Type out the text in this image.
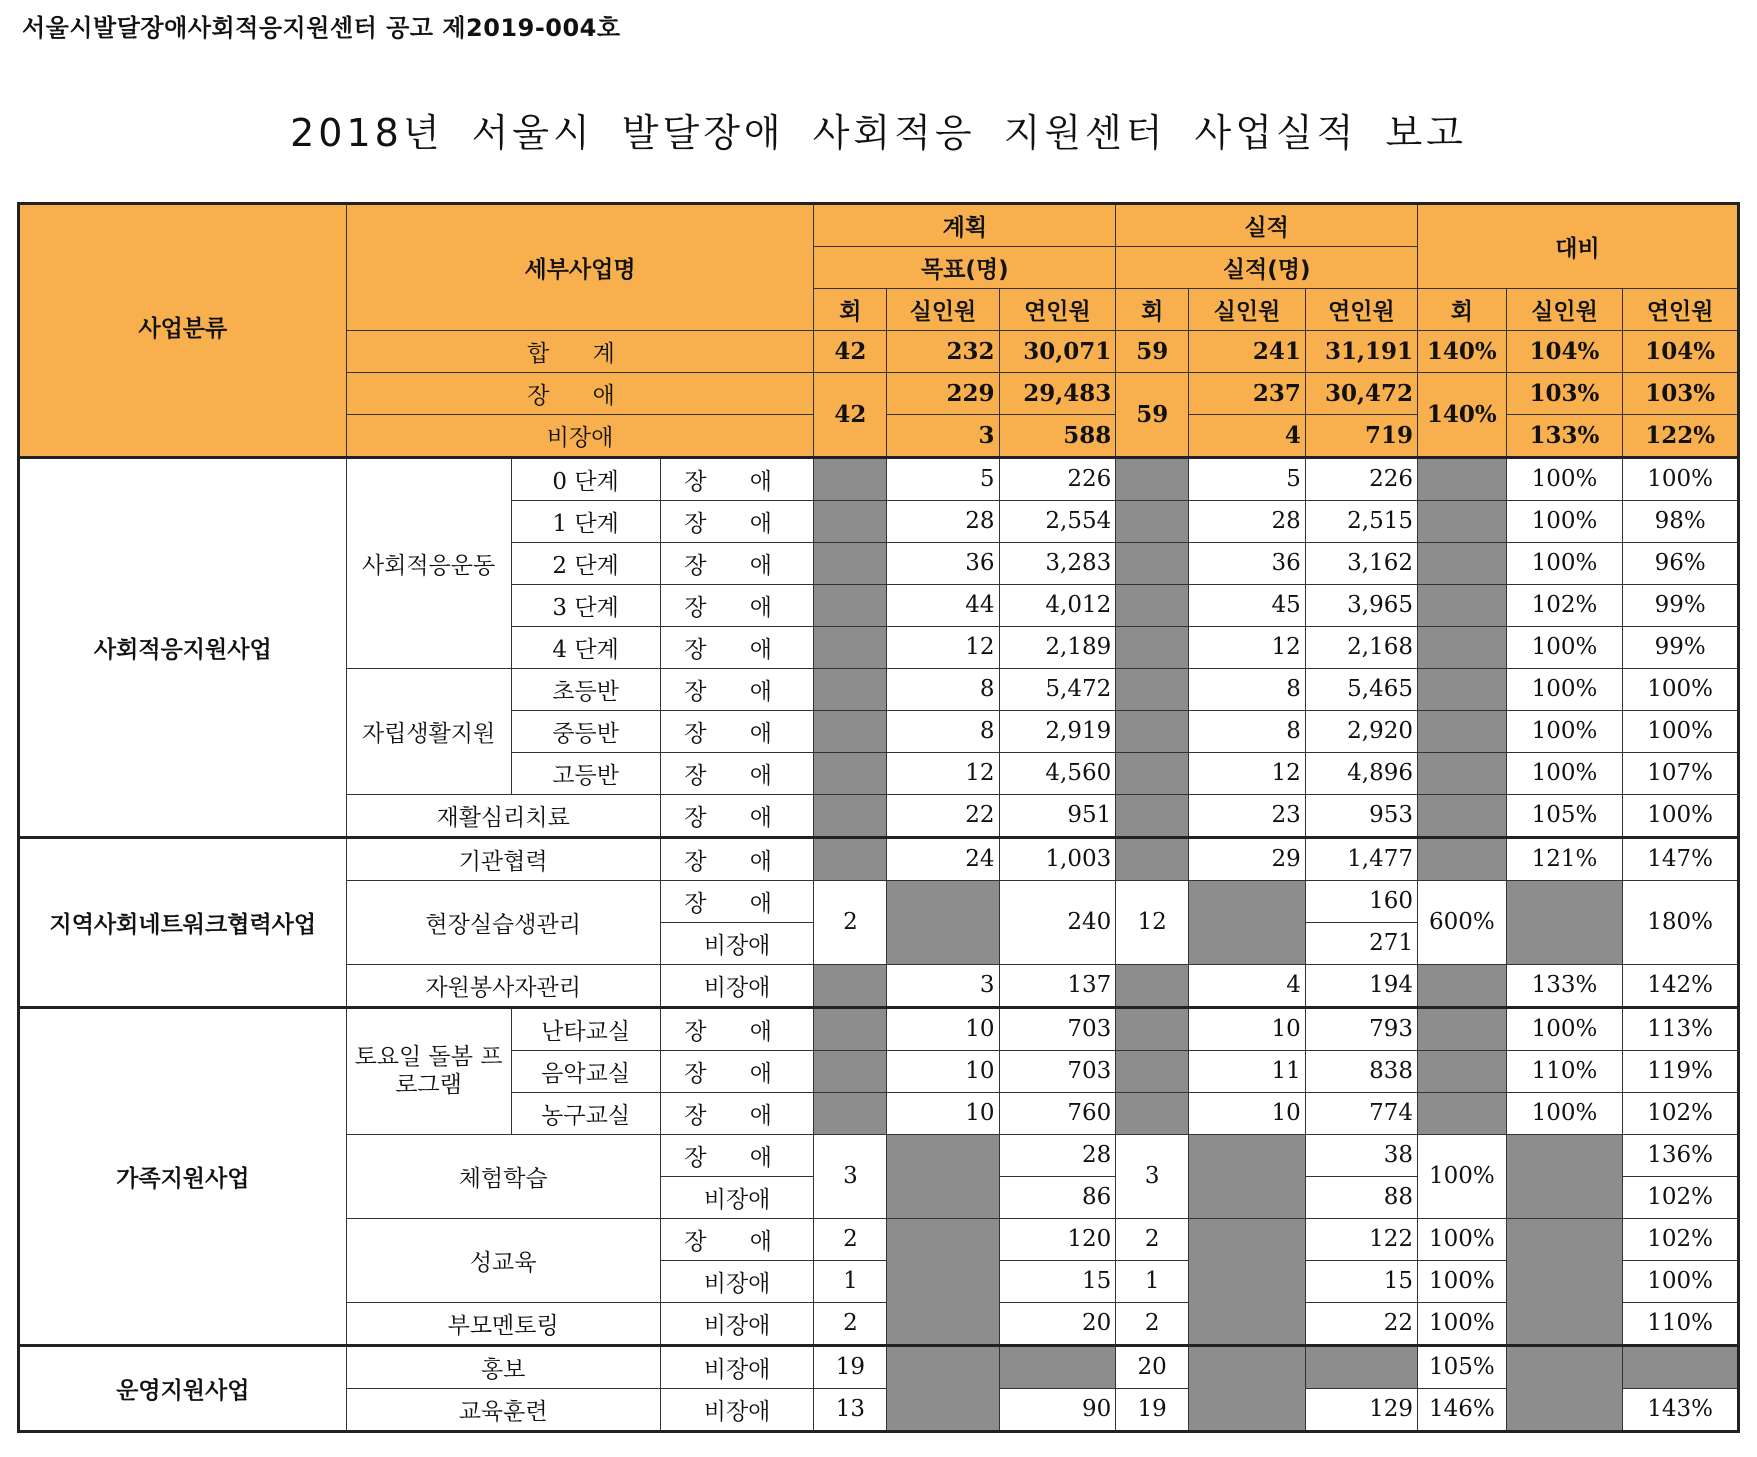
서울시발달장애사회적응지원센터 공고 제2019-004호
2018년 서울시 발달장애 사회적응 지원센터 사업실적 보고
사업분류	세부사업명			계획			실적			대비		
				목표(명)			실적(명)					
				회	실인원	연인원	회	실인원	연인원	회	실인원	연인원
	합 계			42	232	30,071	59	241	31,191	140%	104%	104%
	장 애			42	229	29,483	59	237	30,472	140%	103%	103%
	비장애				3	588		4	719		133%	122%
사회적응지원사업	사회적응운동	0 단계	장 애		5	226		5	226		100%	100%
		1 단계	장 애		28	2,554		28	2,515		100%	98%
		2 단계	장 애		36	3,283		36	3,162		100%	96%
		3 단계	장 애		44	4,012		45	3,965		102%	99%
		4 단계	장 애		12	2,189		12	2,168		100%	99%
	자립생활지원	초등반	장 애		8	5,472		8	5,465		100%	100%
		중등반	장 애		8	2,919		8	2,920		100%	100%
		고등반	장 애		12	4,560		12	4,896		100%	107%
	재활심리치료		장 애		22	951		23	953		105%	100%
지역사회네트워크협력사업	기관협력		장 애		24	1,003		29	1,477		121%	147%
	현장실습생관리		장 애	2		240	12		160	600%		180%
			비장애						271			
	자원봉사자관리		비장애		3	137		4	194		133%	142%
가족지원사업	토요일 돌봄 프로그램	난타교실	장 애		10	703		10	793		100%	113%
		음악교실	장 애		10	703		11	838		110%	119%
		농구교실	장 애		10	760		10	774		100%	102%
	체험학습		장 애	3		28	3		38	100%		136%
			비장애			86			88			102%
	성교육		장 애	2		120	2		122	100%		102%
			비장애	1		15	1		15	100%		100%
	부모멘토링		비장애	2		20	2		22	100%		110%
운영지원사업	홍보		비장애	19			20			105%		
	교육훈련		비장애	13		90	19		129	146%		143%
